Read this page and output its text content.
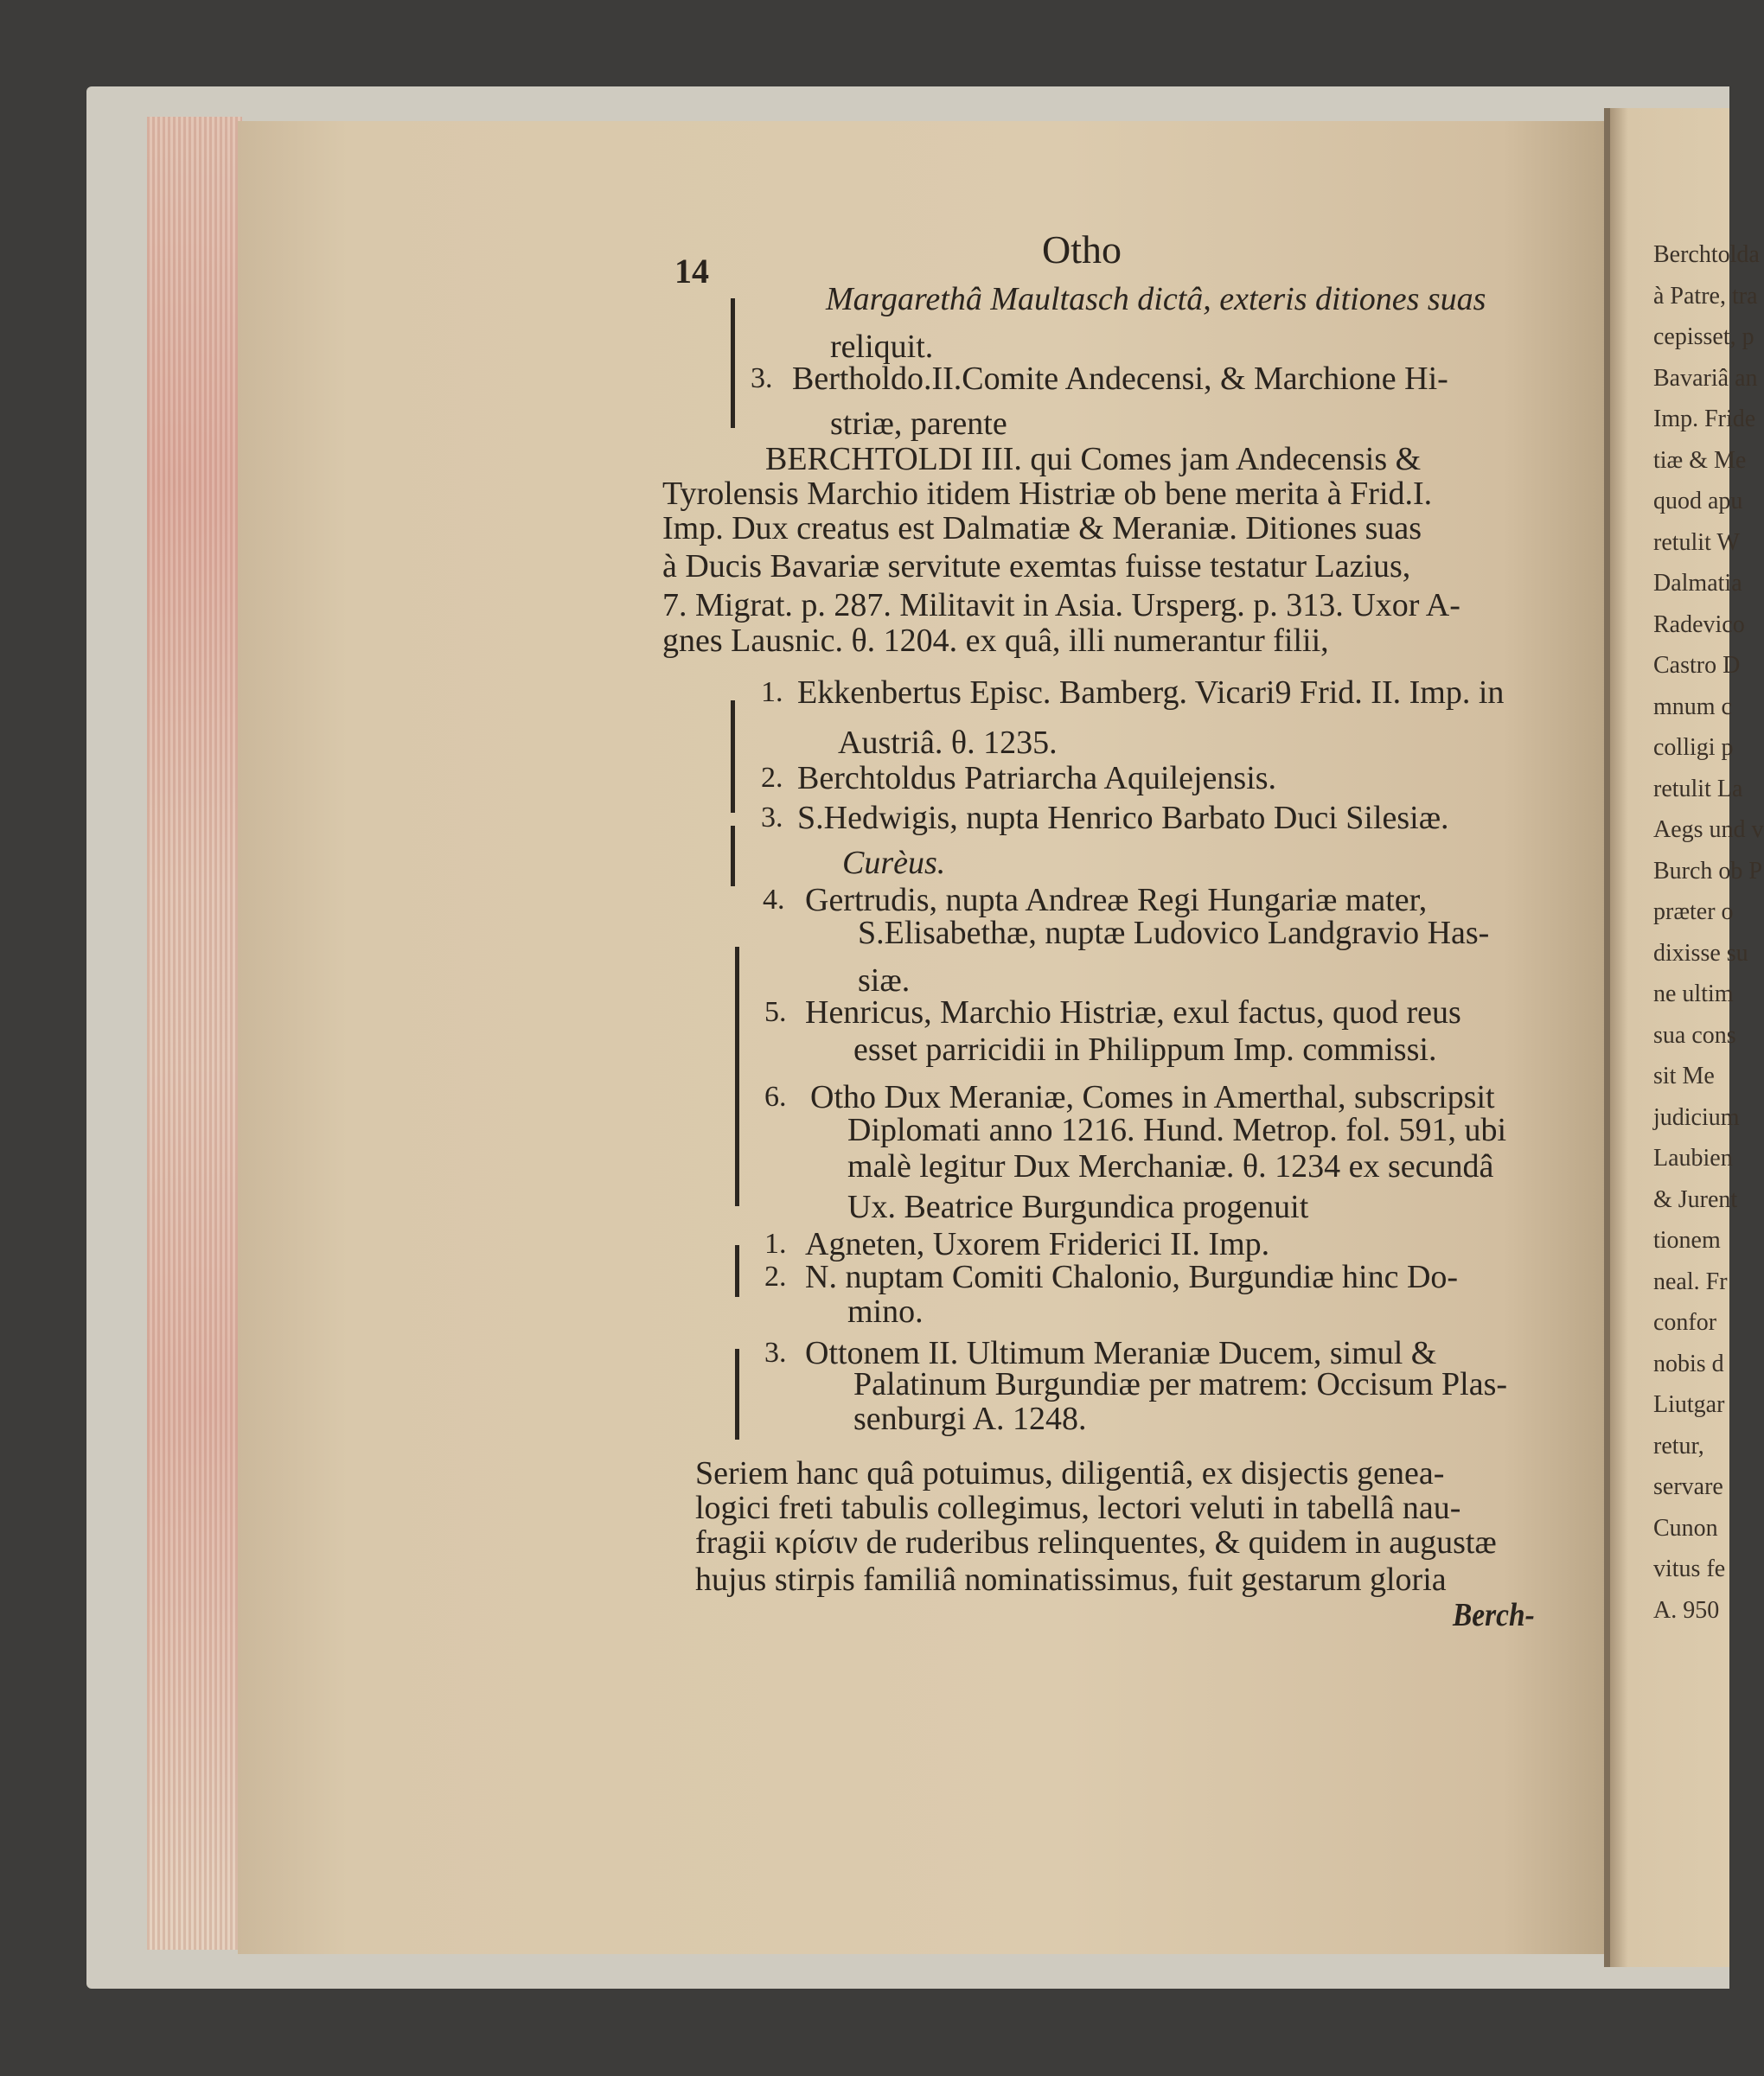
Otho
14
3.
1.
2.
3.
4.
5.
6.
1.
2.
3.
Margarethâ Maultasch dictâ, exteris ditiones suas
reliquit.
Bertholdo.II.Comite Andecensi, & Marchione Hi-
striæ, parente
BERCHTOLDI III. qui Comes jam Andecensis &
Tyrolensis Marchio itidem Histriæ ob bene merita à Frid.I.
Imp. Dux creatus est Dalmatiæ & Meraniæ. Ditiones suas
à Ducis Bavariæ servitute exemtas fuisse testatur Lazius,
7. Migrat. p. 287. Militavit in Asia. Ursperg. p. 313. Uxor A-
gnes Lausnic. θ. 1204. ex quâ, illi numerantur filii,
Ekkenbertus Episc. Bamberg. Vicari9 Frid. II. Imp. in
Austriâ. θ. 1235.
Berchtoldus Patriarcha Aquilejensis.
S.Hedwigis, nupta Henrico Barbato Duci Silesiæ.
Curèus.
Gertrudis, nupta Andreæ Regi Hungariæ mater,
S.Elisabethæ, nuptæ Ludovico Landgravio Has-
siæ.
Henricus, Marchio Histriæ, exul factus, quod reus
esset parricidii in Philippum Imp. commissi.
Otho Dux Meraniæ, Comes in Amerthal, subscripsit
Diplomati anno 1216. Hund. Metrop. fol. 591, ubi
malè legitur Dux Merchaniæ. θ. 1234 ex secundâ
Ux. Beatrice Burgundica progenuit
Agneten, Uxorem Friderici II. Imp.
N. nuptam Comiti Chalonio, Burgundiæ hinc Do-
mino.
Ottonem II. Ultimum Meraniæ Ducem, simul &
Palatinum Burgundiæ per matrem: Occisum Plas-
senburgi A. 1248.
Seriem hanc quâ potuimus, diligentiâ, ex disjectis genea-
logici freti tabulis collegimus, lectori veluti in tabellâ nau-
fragii κρίσιν de ruderibus relinquentes, & quidem in augustæ
hujus stirpis familiâ nominatissimus, fuit gestarum gloria
Berch-
Berchtolda
à Patre, tra
cepisset, p
Bavariâ an
Imp. Fride
tiæ & Me
quod apu
retulit W
Dalmatia
Radevico
Castro D
mnum c
colligi p
retulit La
Aegs und v
Burch ob P
præter o
dixisse su
ne ultim
sua cons
sit Me
judicium
Laubien
& Jurent
tionem
neal. Fr
confor
nobis d
Liutgar
retur,
servare
Cunon
vitus fe
A. 950
